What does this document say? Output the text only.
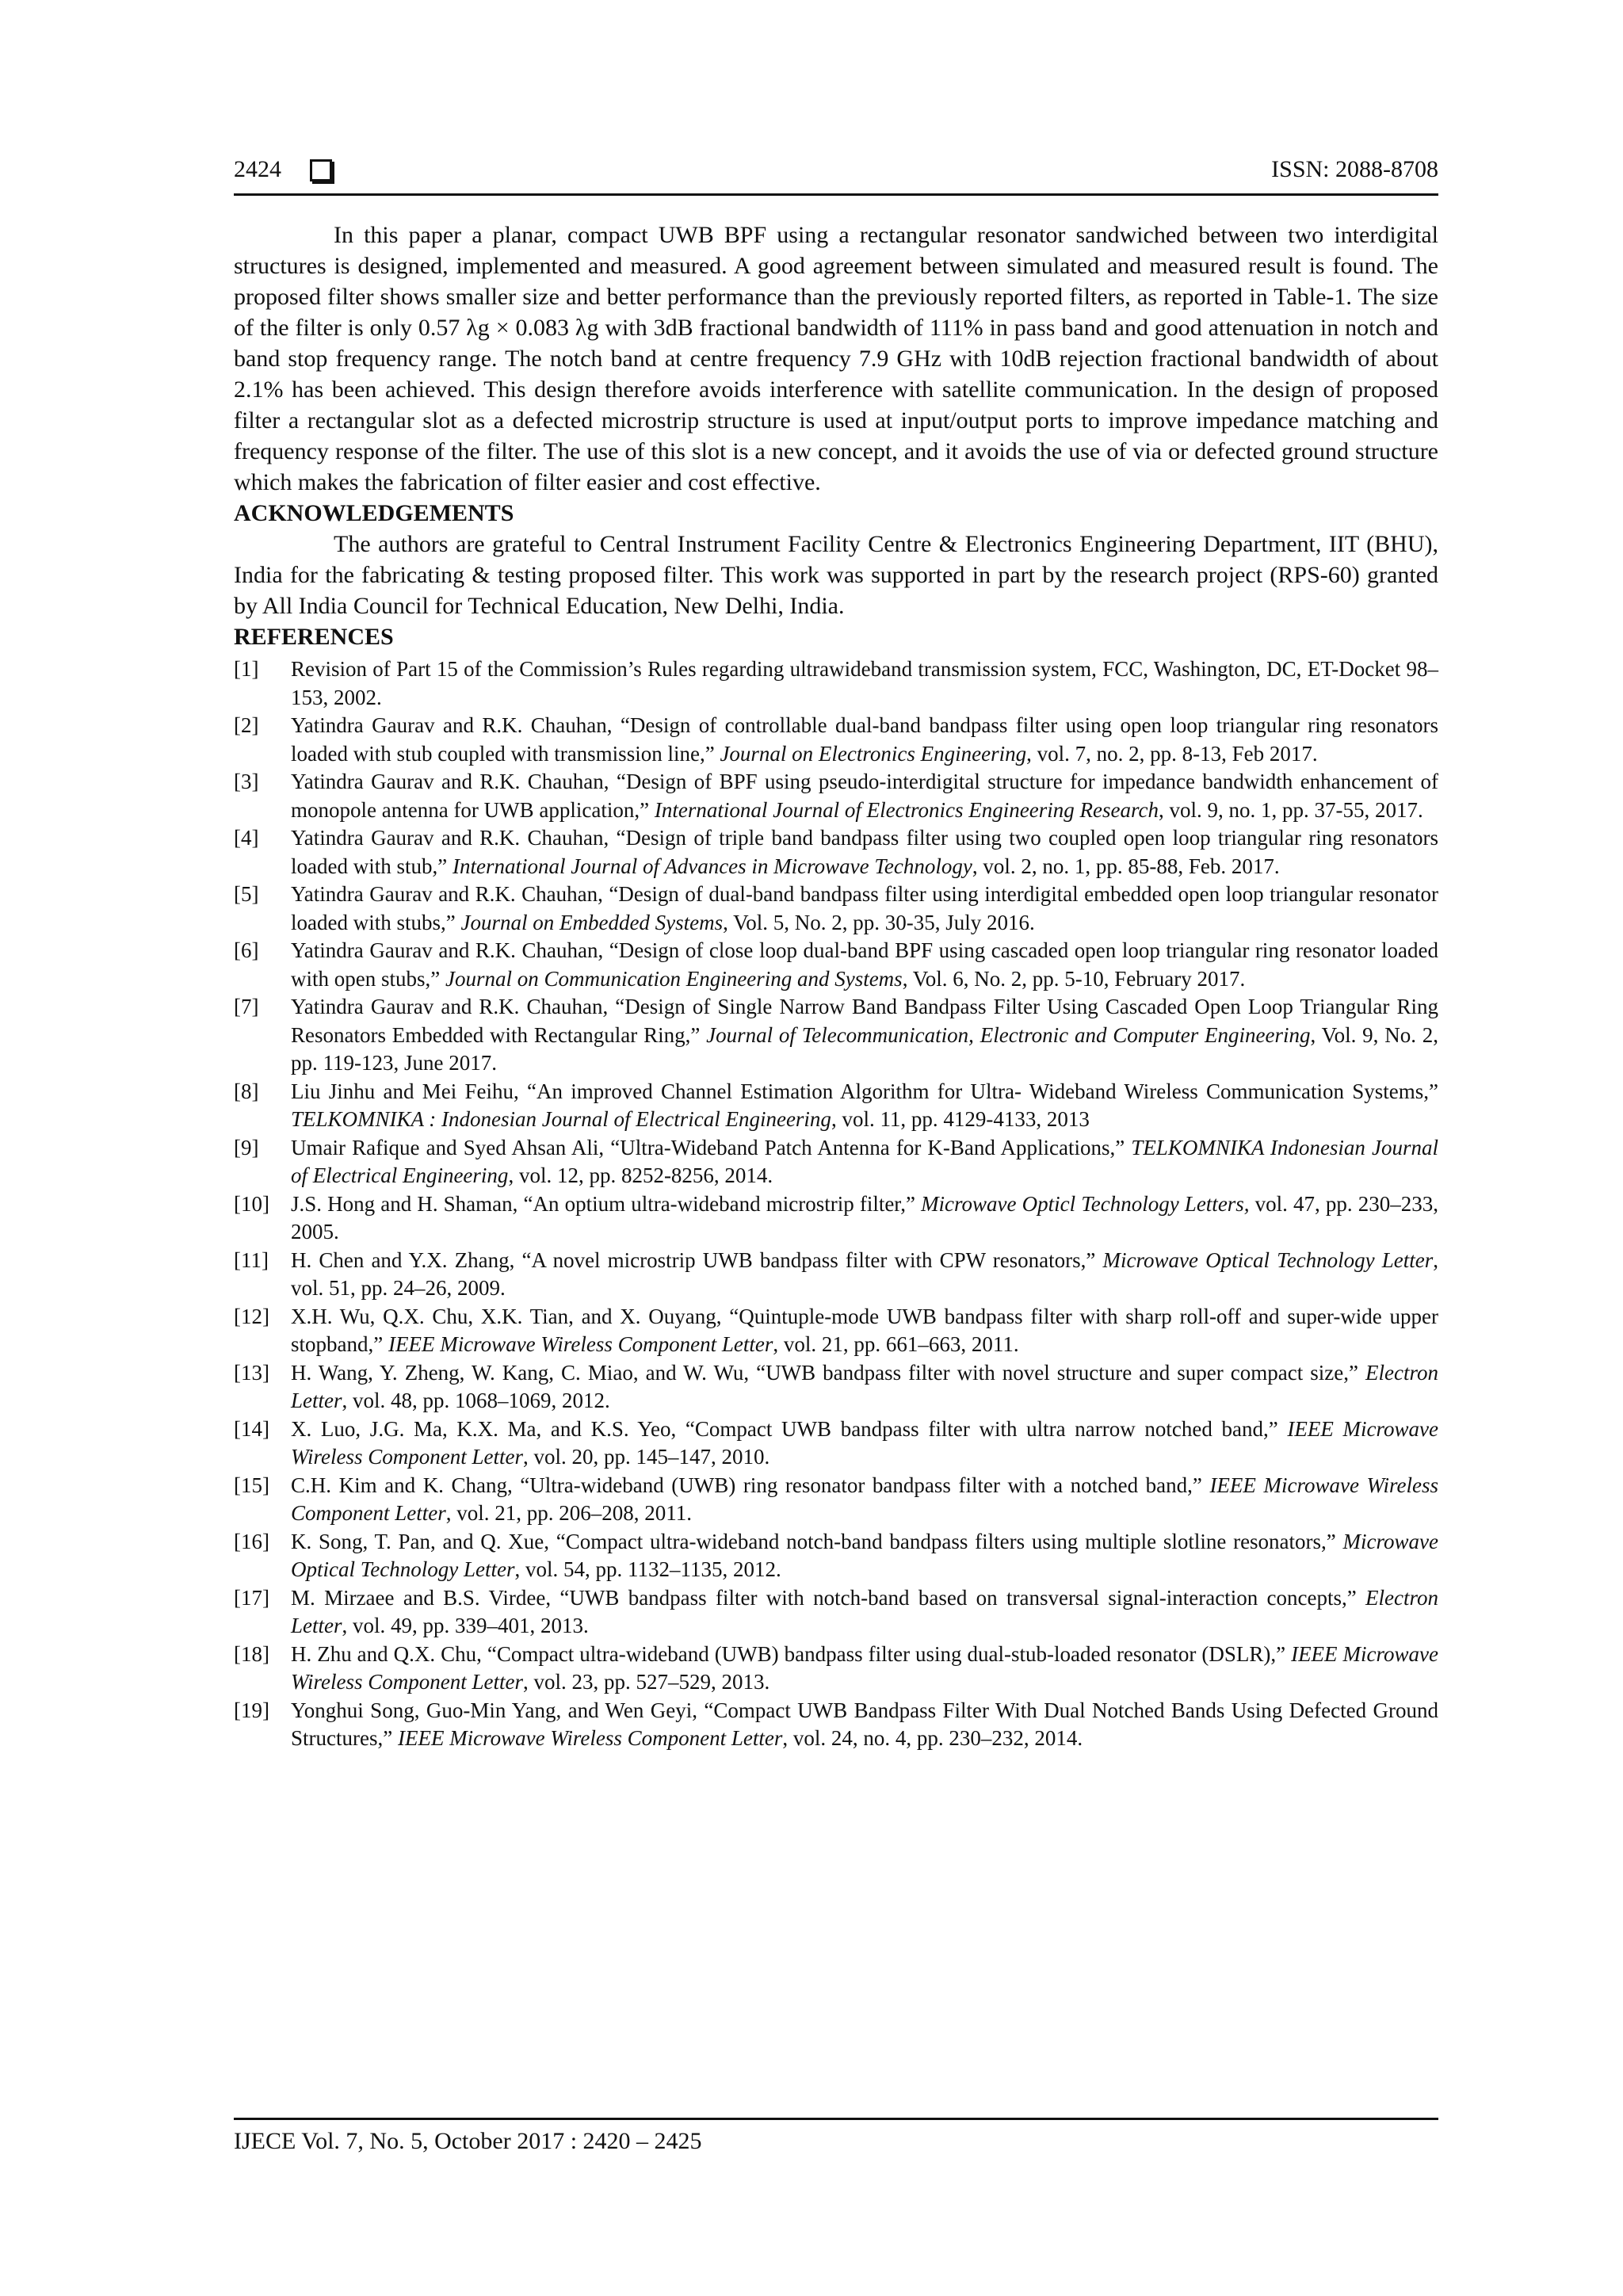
2424	ISSN: 2088-8708

In this paper a planar, compact UWB BPF using a rectangular resonator sandwiched between two interdigital structures is designed, implemented and measured. A good agreement between simulated and measured result is found. The proposed filter shows smaller size and better performance than the previously reported filters, as reported in Table-1. The size of the filter is only 0.57 λg × 0.083 λg with 3dB fractional bandwidth of 111% in pass band and good attenuation in notch and band stop frequency range. The notch band at centre frequency 7.9 GHz with 10dB rejection fractional bandwidth of about 2.1% has been achieved. This design therefore avoids interference with satellite communication. In the design of proposed filter a rectangular slot as a defected microstrip structure is used at input/output ports to improve impedance matching and frequency response of the filter. The use of this slot is a new concept, and it avoids the use of via or defected ground structure which makes the fabrication of filter easier and cost effective.

ACKNOWLEDGEMENTS

The authors are grateful to Central Instrument Facility Centre & Electronics Engineering Department, IIT (BHU), India for the fabricating & testing proposed filter. This work was supported in part by the research project (RPS-60) granted by All India Council for Technical Education, New Delhi, India.

REFERENCES
[1]	Revision of Part 15 of the Commission’s Rules regarding ultrawideband transmission system, FCC, Washington, DC, ET-Docket 98–153, 2002.
[2]	Yatindra Gaurav and R.K. Chauhan, “Design of controllable dual-band bandpass filter using open loop triangular ring resonators loaded with stub coupled with transmission line,” Journal on Electronics Engineering, vol. 7, no. 2, pp. 8-13, Feb 2017.
[3]	Yatindra Gaurav and R.K. Chauhan, “Design of BPF using pseudo-interdigital structure for impedance bandwidth enhancement of monopole antenna for UWB application,” International Journal of Electronics Engineering Research, vol. 9, no. 1, pp. 37-55, 2017.
[4]	Yatindra Gaurav and R.K. Chauhan, “Design of triple band bandpass filter using two coupled open loop triangular ring resonators loaded with stub,” International Journal of Advances in Microwave Technology, vol. 2, no. 1, pp. 85-88, Feb. 2017.
[5]	Yatindra Gaurav and R.K. Chauhan, “Design of dual-band bandpass filter using interdigital embedded open loop triangular resonator loaded with stubs,” Journal on Embedded Systems, Vol. 5, No. 2, pp. 30-35, July 2016.
[6]	Yatindra Gaurav and R.K. Chauhan, “Design of close loop dual-band BPF using cascaded open loop triangular ring resonator loaded with open stubs,” Journal on Communication Engineering and Systems, Vol. 6, No. 2, pp. 5-10, February 2017.
[7]	Yatindra Gaurav and R.K. Chauhan, “Design of Single Narrow Band Bandpass Filter Using Cascaded Open Loop Triangular Ring Resonators Embedded with Rectangular Ring,” Journal of Telecommunication, Electronic and Computer Engineering, Vol. 9, No. 2, pp. 119-123, June 2017.
[8]	Liu Jinhu and Mei Feihu, “An improved Channel Estimation Algorithm for Ultra- Wideband Wireless Communication Systems,” TELKOMNIKA : Indonesian Journal of Electrical Engineering, vol. 11, pp. 4129-4133, 2013
[9]	Umair Rafique and Syed Ahsan Ali, “Ultra-Wideband Patch Antenna for K-Band Applications,” TELKOMNIKA Indonesian Journal of Electrical Engineering, vol. 12, pp. 8252-8256, 2014.
[10]	J.S. Hong and H. Shaman, “An optium ultra-wideband microstrip filter,” Microwave Opticl Technology Letters, vol. 47, pp. 230–233, 2005.
[11]	H. Chen and Y.X. Zhang, “A novel microstrip UWB bandpass filter with CPW resonators,” Microwave Optical Technology Letter, vol. 51, pp. 24–26, 2009.
[12]	X.H. Wu, Q.X. Chu, X.K. Tian, and X. Ouyang, “Quintuple-mode UWB bandpass filter with sharp roll-off and super-wide upper stopband,” IEEE Microwave Wireless Component Letter, vol. 21, pp. 661–663, 2011.
[13]	H. Wang, Y. Zheng, W. Kang, C. Miao, and W. Wu, “UWB bandpass filter with novel structure and super compact size,” Electron Letter, vol. 48, pp. 1068–1069, 2012.
[14]	X. Luo, J.G. Ma, K.X. Ma, and K.S. Yeo, “Compact UWB bandpass filter with ultra narrow notched band,” IEEE Microwave Wireless Component Letter, vol. 20, pp. 145–147, 2010.
[15]	C.H. Kim and K. Chang, “Ultra-wideband (UWB) ring resonator bandpass filter with a notched band,” IEEE Microwave Wireless Component Letter, vol. 21, pp. 206–208, 2011.
[16]	K. Song, T. Pan, and Q. Xue, “Compact ultra-wideband notch-band bandpass filters using multiple slotline resonators,” Microwave Optical Technology Letter, vol. 54, pp. 1132–1135, 2012.
[17]	M. Mirzaee and B.S. Virdee, “UWB bandpass filter with notch-band based on transversal signal-interaction concepts,” Electron Letter, vol. 49, pp. 339–401, 2013.
[18]	H. Zhu and Q.X. Chu, “Compact ultra-wideband (UWB) bandpass filter using dual-stub-loaded resonator (DSLR),” IEEE Microwave Wireless Component Letter, vol. 23, pp. 527–529, 2013.
[19]	Yonghui Song, Guo-Min Yang, and Wen Geyi, “Compact UWB Bandpass Filter With Dual Notched Bands Using Defected Ground Structures,” IEEE Microwave Wireless Component Letter, vol. 24, no. 4, pp. 230–232, 2014.
IJECE Vol. 7, No. 5, October 2017 : 2420 – 2425
